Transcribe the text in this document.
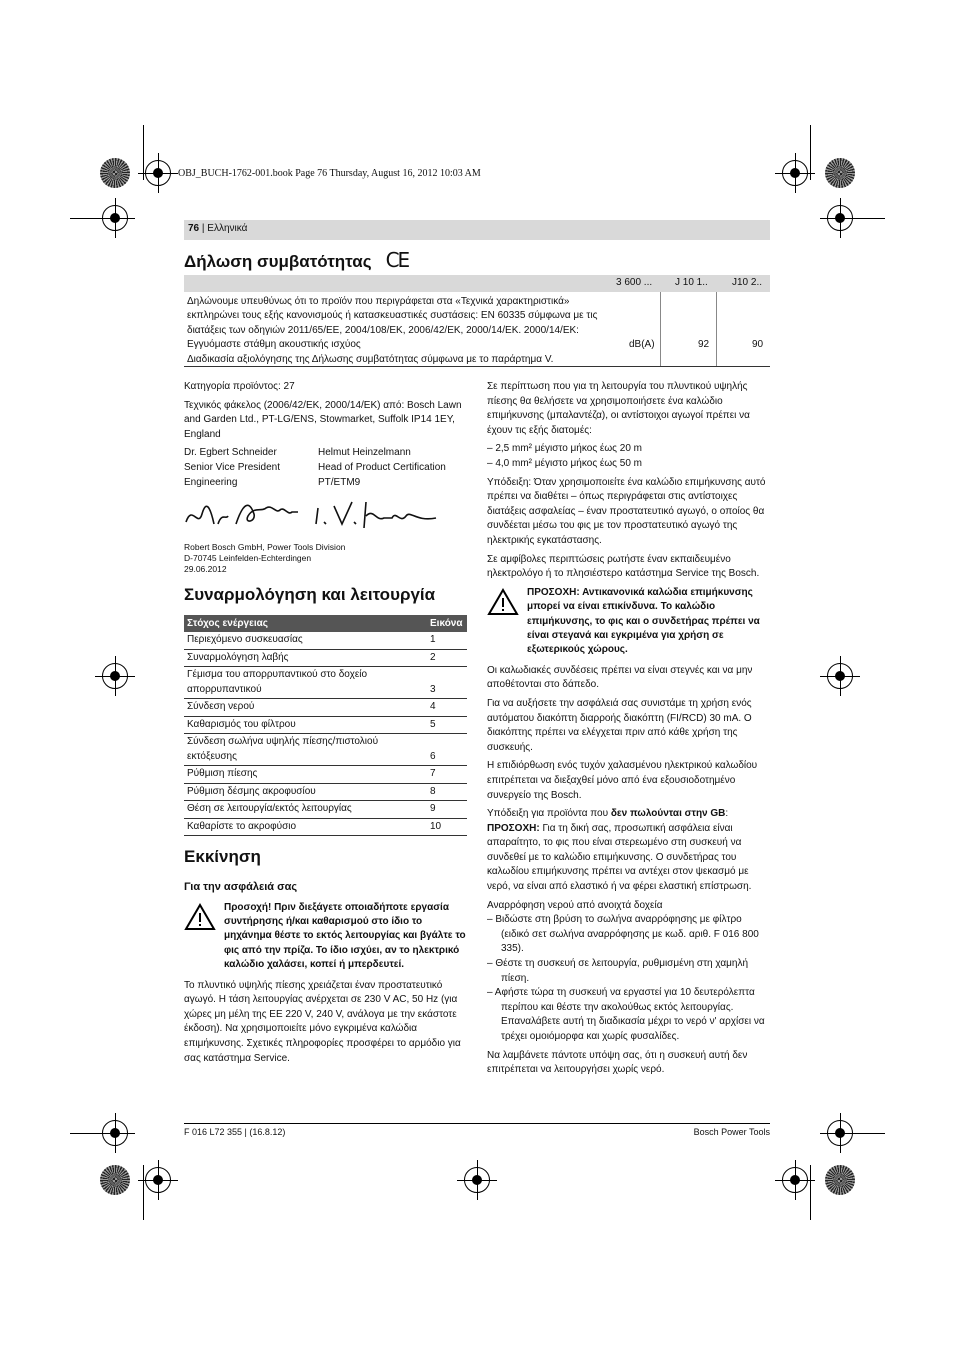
OBJ_BUCH-1762-001.book Page 76 Thursday, August 16, 2012 10:03 AM
76 | Ελληνικά
Δήλωση συμβατότητας CE
3 600 ... J 10 1.. J10 2..
Δηλώνουμε υπευθύνως ότι το προϊόν που περιγράφεται στα «Τεχνικά χαρακτηριστικά» εκπληρώνει τους εξής κανονισμούς ή κατασκευαστικές συστάσεις: EN 60335 σύμφωνα με τις διατάξεις των οδηγιών 2011/65/ΕΕ, 2004/108/ΕΚ, 2006/42/ΕΚ, 2000/14/ΕΚ. 2000/14/ΕΚ: Εγγυόμαστε στάθμη ακουστικής ισχύος
Διαδικασία αξιολόγησης της Δήλωσης συμβατότητας σύμφωνα με το παράρτημα V.
dB(A)	92	90

Κατηγορία προϊόντος: 27

Τεχνικός φάκελος (2006/42/ΕΚ, 2000/14/ΕΚ) από: Bosch Lawn and Garden Ltd., PT-LG/ENS, Stowmarket, Suffolk IP14 1EY, England

Dr. Egbert Schneider
Senior Vice President
Engineering
Helmut Heinzelmann
Head of Product Certification
PT/ETM9
Robert Bosch GmbH, Power Tools Division
D-70745 Leinfelden-Echterdingen
29.06.2012
Συναρμολόγηση και λειτουργία
Στόχος ενέργειας	Εικόνα
Περιεχόμενο συσκευασίας	1
Συναρμολόγηση λαβής	2
Γέμισμα του απορρυπαντικού στο δοχείο απορρυπαντικού	3
Σύνδεση νερού	4
Καθαρισμός του φίλτρου	5
Σύνδεση σωλήνα υψηλής πίεσης/πιστολιού εκτόξευσης	6
Ρύθμιση πίεσης	7
Ρύθμιση δέσμης ακροφυσίου	8
Θέση σε λειτουργία/εκτός λειτουργίας	9
Καθαρίστε το ακροφύσιο	10
Εκκίνηση

Για την ασφάλειά σας

Προσοχή! Πριν διεξάγετε οποιαδήποτε εργασία συντήρησης ή/και καθαρισμού στο ίδιο το μηχάνημα θέστε το εκτός λειτουργίας και βγάλτε το φις από την πρίζα. Το ίδιο ισχύει, αν το ηλεκτρικό καλώδιο χαλάσει, κοπεί ή μπερδευτεί.

Το πλυντικό υψηλής πίεσης χρειάζεται έναν προστατευτικό αγωγό. Η τάση λειτουργίας ανέρχεται σε 230 V AC, 50 Hz (για χώρες μη μέλη της ΕΕ 220 V, 240 V, ανάλογα με την εκάστοτε έκδοση). Να χρησιμοποιείτε μόνο εγκριμένα καλώδια επιμήκυνσης. Σχετικές πληροφορίες προσφέρει το αρμόδιο για σας κατάστημα Service.

Σε περίπτωση που για τη λειτουργία του πλυντικού υψηλής πίεσης θα θελήσετε να χρησιμοποιήσετε ένα καλώδιο επιμήκυνσης (μπαλαντέζα), οι αντίστοιχοι αγωγοί πρέπει να έχουν τις εξής διατομές:

– 2,5 mm² μέγιστο μήκος έως 20 m
– 4,0 mm² μέγιστο μήκος έως 50 m

Υπόδειξη: Όταν χρησιμοποιείτε ένα καλώδιο επιμήκυνσης αυτό πρέπει να διαθέτει – όπως περιγράφεται στις αντίστοιχες διατάξεις ασφαλείας – έναν προστατευτικό αγωγό, ο οποίος θα συνδέεται μέσω του φις με τον προστατευτικό αγωγό της ηλεκτρικής εγκατάστασης.

Σε αμφίβολες περιπτώσεις ρωτήστε έναν εκπαιδευμένο ηλεκτρολόγο ή το πλησιέστερο κατάστημα Service της Bosch.

ΠΡΟΣΟΧΗ: Αντικανονικά καλώδια επιμήκυνσης μπορεί να είναι επικίνδυνα. Το καλώδιο επιμήκυνσης, το φις και ο συνδετήρας πρέπει να είναι στεγανά και εγκριμένα για χρήση σε εξωτερικούς χώρους.

Οι καλωδιακές συνδέσεις πρέπει να είναι στεγνές και να μην αποθέτονται στο δάπεδο.

Για να αυξήσετε την ασφάλειά σας συνιστάμε τη χρήση ενός αυτόματου διακόπτη διαρροής διακόπτη (FI/RCD) 30 mA. Ο διακόπτης πρέπει να ελέγχεται πριν από κάθε χρήση της συσκευής.

Η επιδιόρθωση ενός τυχόν χαλασμένου ηλεκτρικού καλωδίου επιτρέπεται να διεξαχθεί μόνο από ένα εξουσιοδοτημένο συνεργείο της Bosch.

Υπόδειξη για προϊόντα που δεν πωλούνται στην GB:

ΠΡΟΣΟΧΗ: Για τη δική σας, προσωπική ασφάλεια είναι απαραίτητο, το φις που είναι στερεωμένο στη συσκευή να συνδεθεί με το καλώδιο επιμήκυνσης. Ο συνδετήρας του καλωδίου επιμήκυνσης πρέπει να αντέχει στον ψεκασμό με νερό, να είναι από ελαστικό ή να φέρει ελαστική επίστρωση.

Αναρρόφηση νερού από ανοιχτά δοχεία
– Βιδώστε στη βρύση το σωλήνα αναρρόφησης με φίλτρο (ειδικό σετ σωλήνα αναρρόφησης με κωδ. αριθ. F 016 800 335).
– Θέστε τη συσκευή σε λειτουργία, ρυθμισμένη στη χαμηλή πίεση.
– Αφήστε τώρα τη συσκευή να εργαστεί για 10 δευτερόλεπτα περίπου και θέστε την ακολούθως εκτός λειτουργίας. Επαναλάβετε αυτή τη διαδικασία μέχρι το νερό ν' αρχίσει να τρέχει ομοιόμορφα και χωρίς φυσαλίδες.

Να λαμβάνετε πάντοτε υπόψη σας, ότι η συσκευή αυτή δεν επιτρέπεται να λειτουργήσει χωρίς νερό.

F 016 L72 355 | (16.8.12)	Bosch Power Tools
